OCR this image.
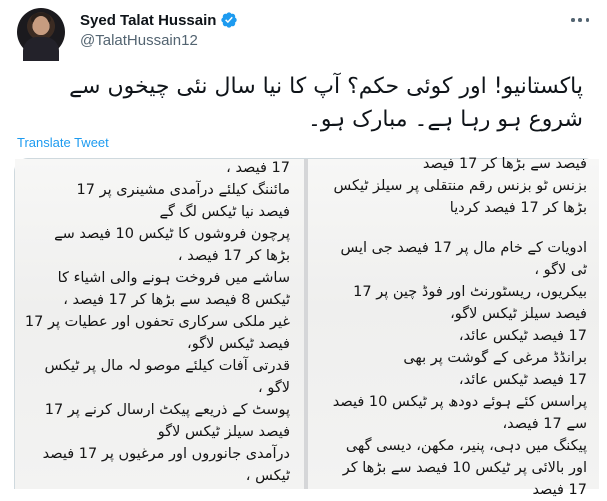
Syed Talat Hussain
@TalatHussain12
پاکستانیو! اور کوئی حکم؟ آپ کا نیا سال نئی چیخوں سے شروع ہو رہا ہے۔ مبارک ہو۔
Translate Tweet
17 فیصد ،
مائننگ کیلئے درآمدی مشینری پر 17
فیصد نیا ٹیکس لگ گے
پرچون فروشوں کا ٹیکس 10 فیصد سے
بڑھا کر 17 فیصد ،
ساشے میں فروخت ہونے والی اشیاء کا
ٹیکس 8 فیصد سے بڑھا کر 17 فیصد ،
غیر ملکی سرکاری تحفوں اور عطیات پر 17
فیصد ٹیکس لاگو،
قدرتی آفات کیلئے موصو لہ مال پر ٹیکس
لاگو ،
پوسٹ کے ذریعے پیکٹ ارسال کرنے پر 17
فیصد سیلز ٹیکس لاگو
درآمدی جانوروں اور مرغیوں پر 17 فیصد
ٹیکس ،
فیصد سے بڑھا کر 17 فیصد
بزنس ٹو بزنس رقم منتقلی پر سیلز ٹیکس
بڑھا کر 17 فیصد کردیا
ادویات کے خام مال پر 17 فیصد جی ایس
ٹی لاگو ،
بیکریوں، ریسٹورنٹ اور فوڈ چین پر 17
فیصد سیلز ٹیکس لاگو،
17 فیصد ٹیکس عائد،
برانڈڈ مرغی کے گوشت پر بھی
17 فیصد ٹیکس عائد،
پراسس کئے ہوئے دودھ پر ٹیکس 10 فیصد
سے 17 فیصد،
پیکنگ میں دہی، پنیر، مکھن، دیسی گھی
اور بالائی پر ٹیکس 10 فیصد سے بڑھا کر
17 فیصد
